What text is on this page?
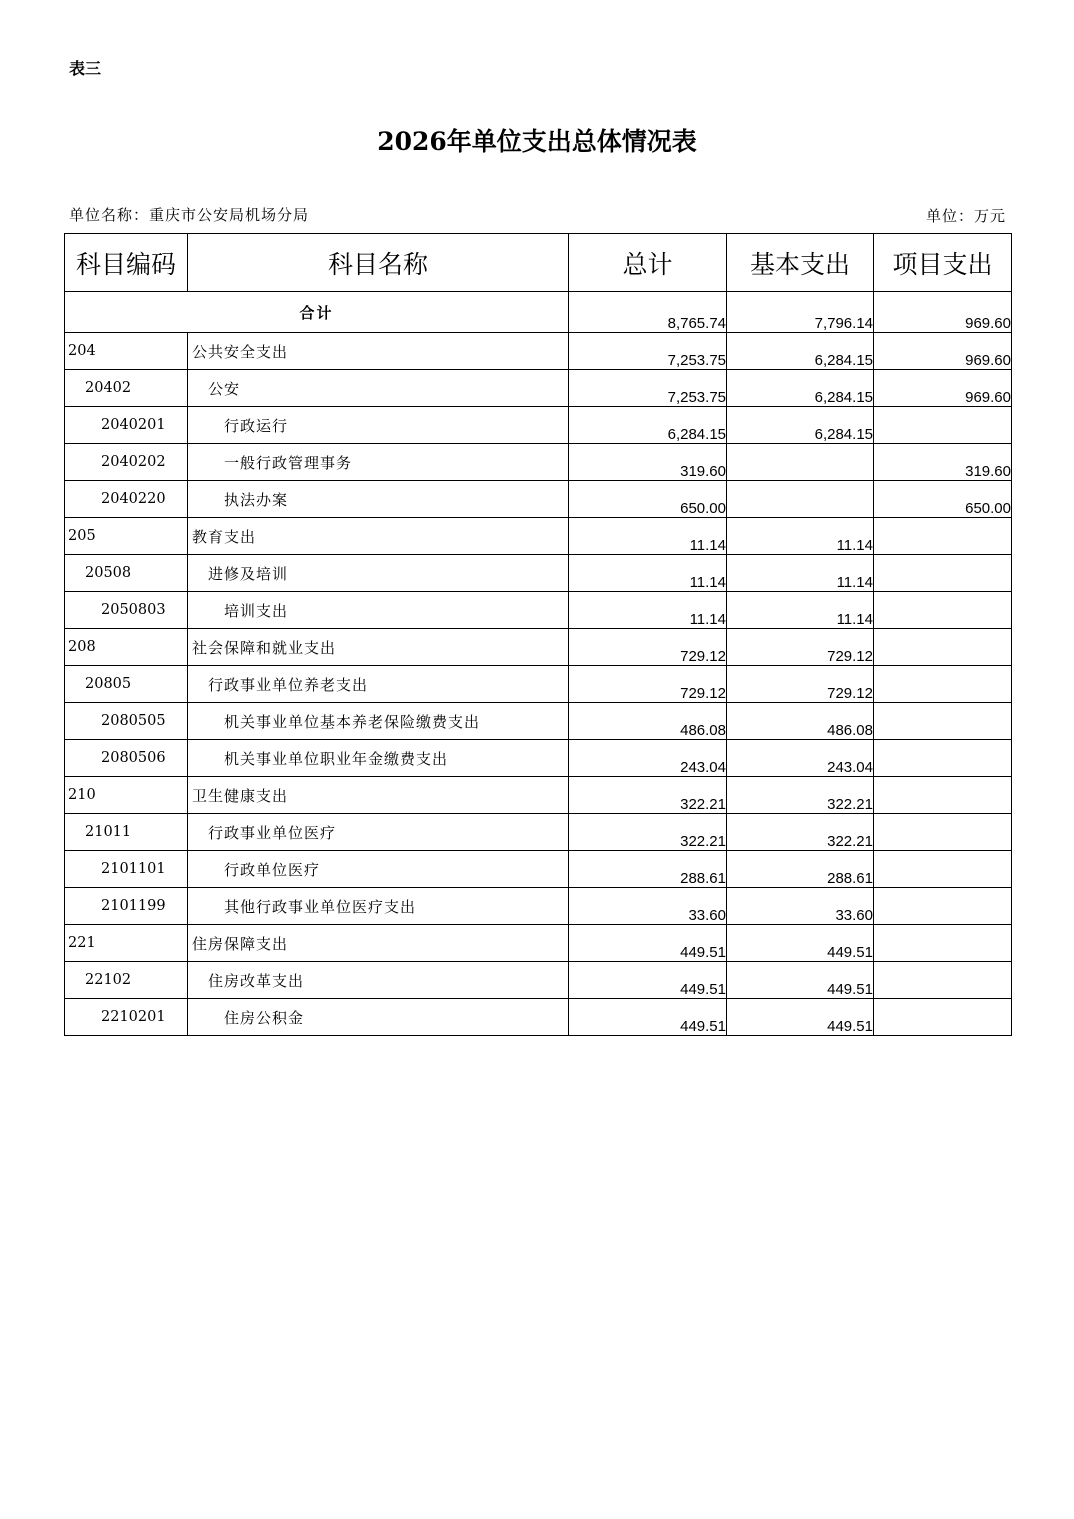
表三
2026年单位支出总体情况表
单位名称：重庆市公安局机场分局	单位：万元
科目编码	科目名称	总计	基本支出	项目支出
合计		8,765.74	7,796.14	969.60
204	公共安全支出	7,253.75	6,284.15	969.60
20402	公安	7,253.75	6,284.15	969.60
2040201	行政运行	6,284.15	6,284.15	
2040202	一般行政管理事务	319.60		319.60
2040220	执法办案	650.00		650.00
205	教育支出	11.14	11.14	
20508	进修及培训	11.14	11.14	
2050803	培训支出	11.14	11.14	
208	社会保障和就业支出	729.12	729.12	
20805	行政事业单位养老支出	729.12	729.12	
2080505	机关事业单位基本养老保险缴费支出	486.08	486.08	
2080506	机关事业单位职业年金缴费支出	243.04	243.04	
210	卫生健康支出	322.21	322.21	
21011	行政事业单位医疗	322.21	322.21	
2101101	行政单位医疗	288.61	288.61	
2101199	其他行政事业单位医疗支出	33.60	33.60	
221	住房保障支出	449.51	449.51	
22102	住房改革支出	449.51	449.51	
2210201	住房公积金	449.51	449.51	
